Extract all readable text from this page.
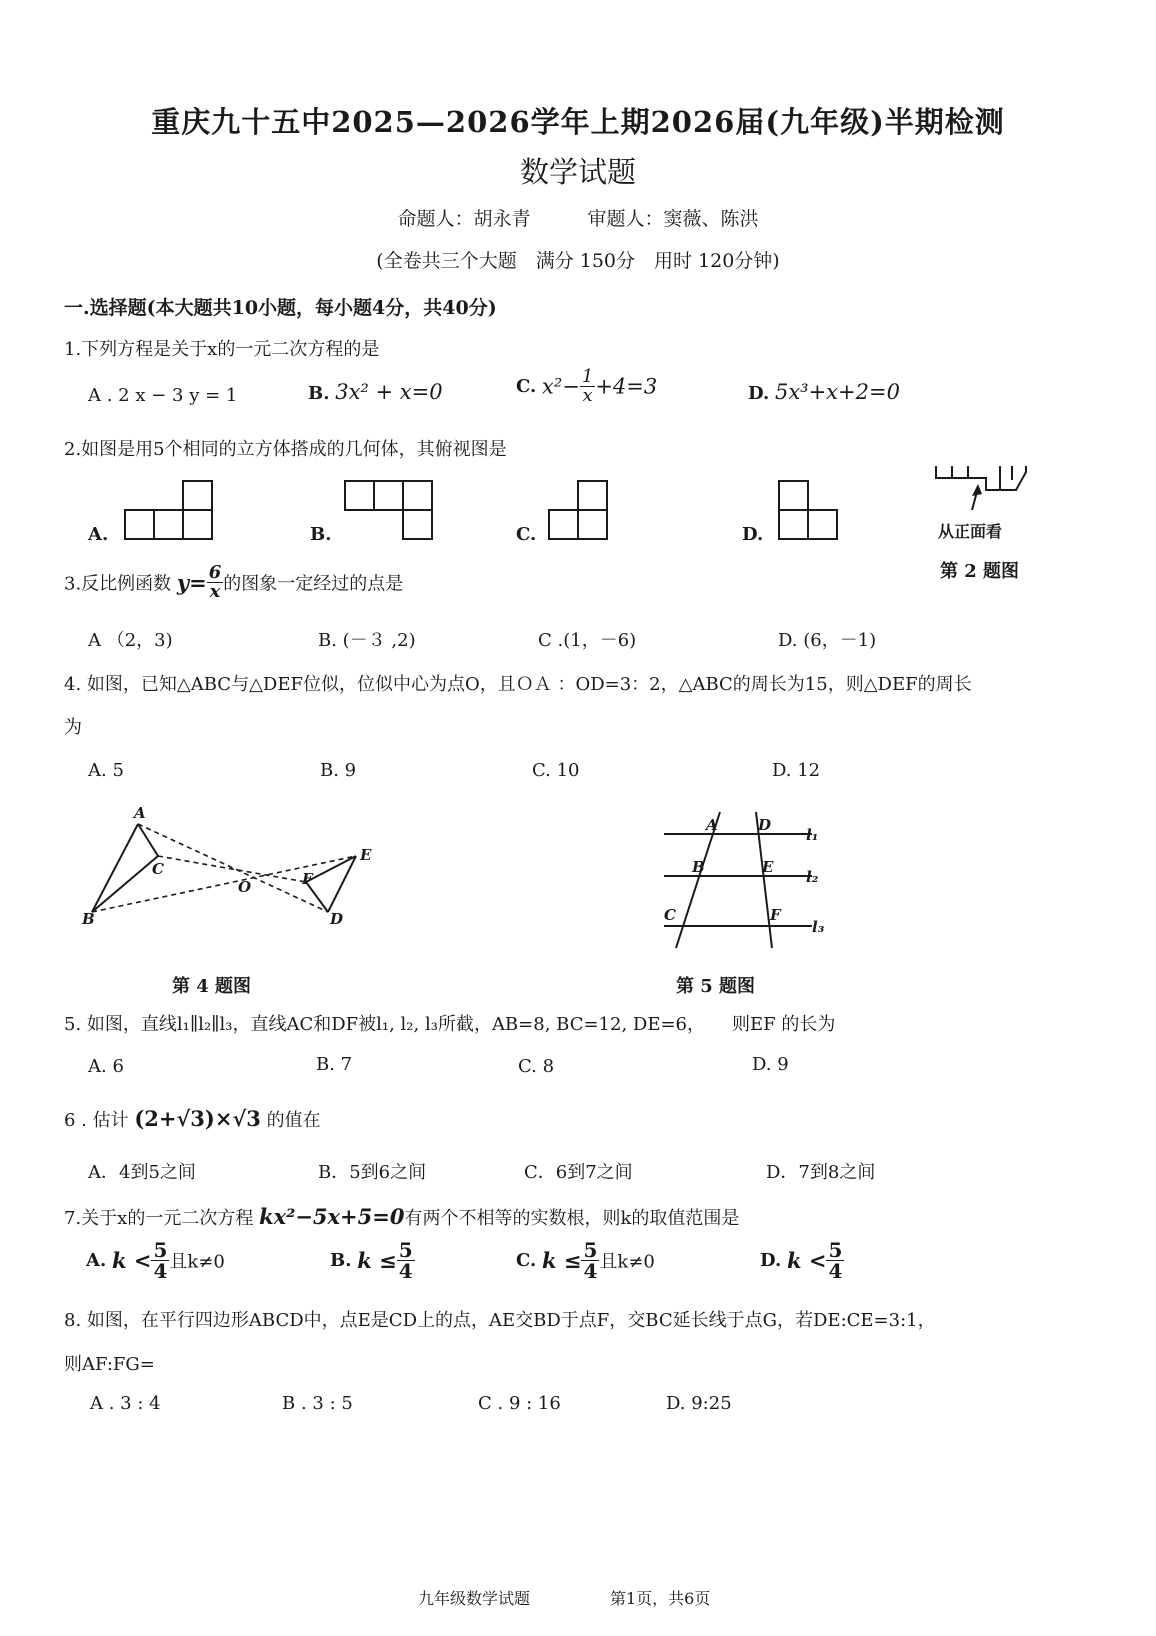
重庆九十五中2025—2026学年上期2026届(九年级)半期检测
数学试题
命题人：胡永青　　　审题人：窦薇、陈洪
(全卷共三个大题　满分 150分　用时 120分钟)
一.选择题(本大题共10小题，每小题4分，共40分)
1.下列方程是关于x的一元二次方程的是
A . 2 x − 3 y = 1	B. 3x² + x=0	C. $x^2- \frac{1}{x} +4=3$	D. 5x³+x+2=0
2.如图是用5个相同的立方体搭成的几何体，其俯视图是
A.	B.	C.	D.	从正面看
第 2 题图
3.反比例函数 $y= \frac{6}{x}$ 的图象一定经过的点是
A （2，3)	B. (－３ ,2)	C .(1，－6)	D. (6，－1)
4. 如图，已知△ABC与△DEF位似，位似中心为点O，且ＯＡ ：OD=3：2，△ABC的周长为15，则△DEF的周长
为
A. 5	B. 9	C. 10	D. 12
A
B
C
O	F
E
D
第 4 题图
A	D
B	E
C	F
l₁
l₂
l₃
第 5 题图
5. 如图，直线l₁∥l₂∥l₃，直线AC和DF被l₁, l₂, l₃所截，AB=8, BC=12, DE=6，　　则EF 的长为
A. 6	B. 7	C. 8	D. 9
6 . 估计 (2+√3)×√3 的值在
A．4到5之间	B．5到6之间	C．6到7之间	D．7到8之间
7.关于x的一元二次方程 kx²−5x+5=0有两个不相等的实数根，则k的取值范围是
A. $k < \frac{5}{4}$ 且k≠0	B. $k \le \frac{5}{4}$	C. $k \le \frac{5}{4}$ 且k≠0	D. $k < \frac{5}{4}$
8. 如图，在平行四边形ABCD中，点E是CD上的点，AE交BD于点F，交BC延长线于点G，若DE:CE=3:1，
则AF:FG=
A . 3 : 4	B . 3 : 5	C . 9 : 16	D. 9:25
九年级数学试题	第1页，共6页
